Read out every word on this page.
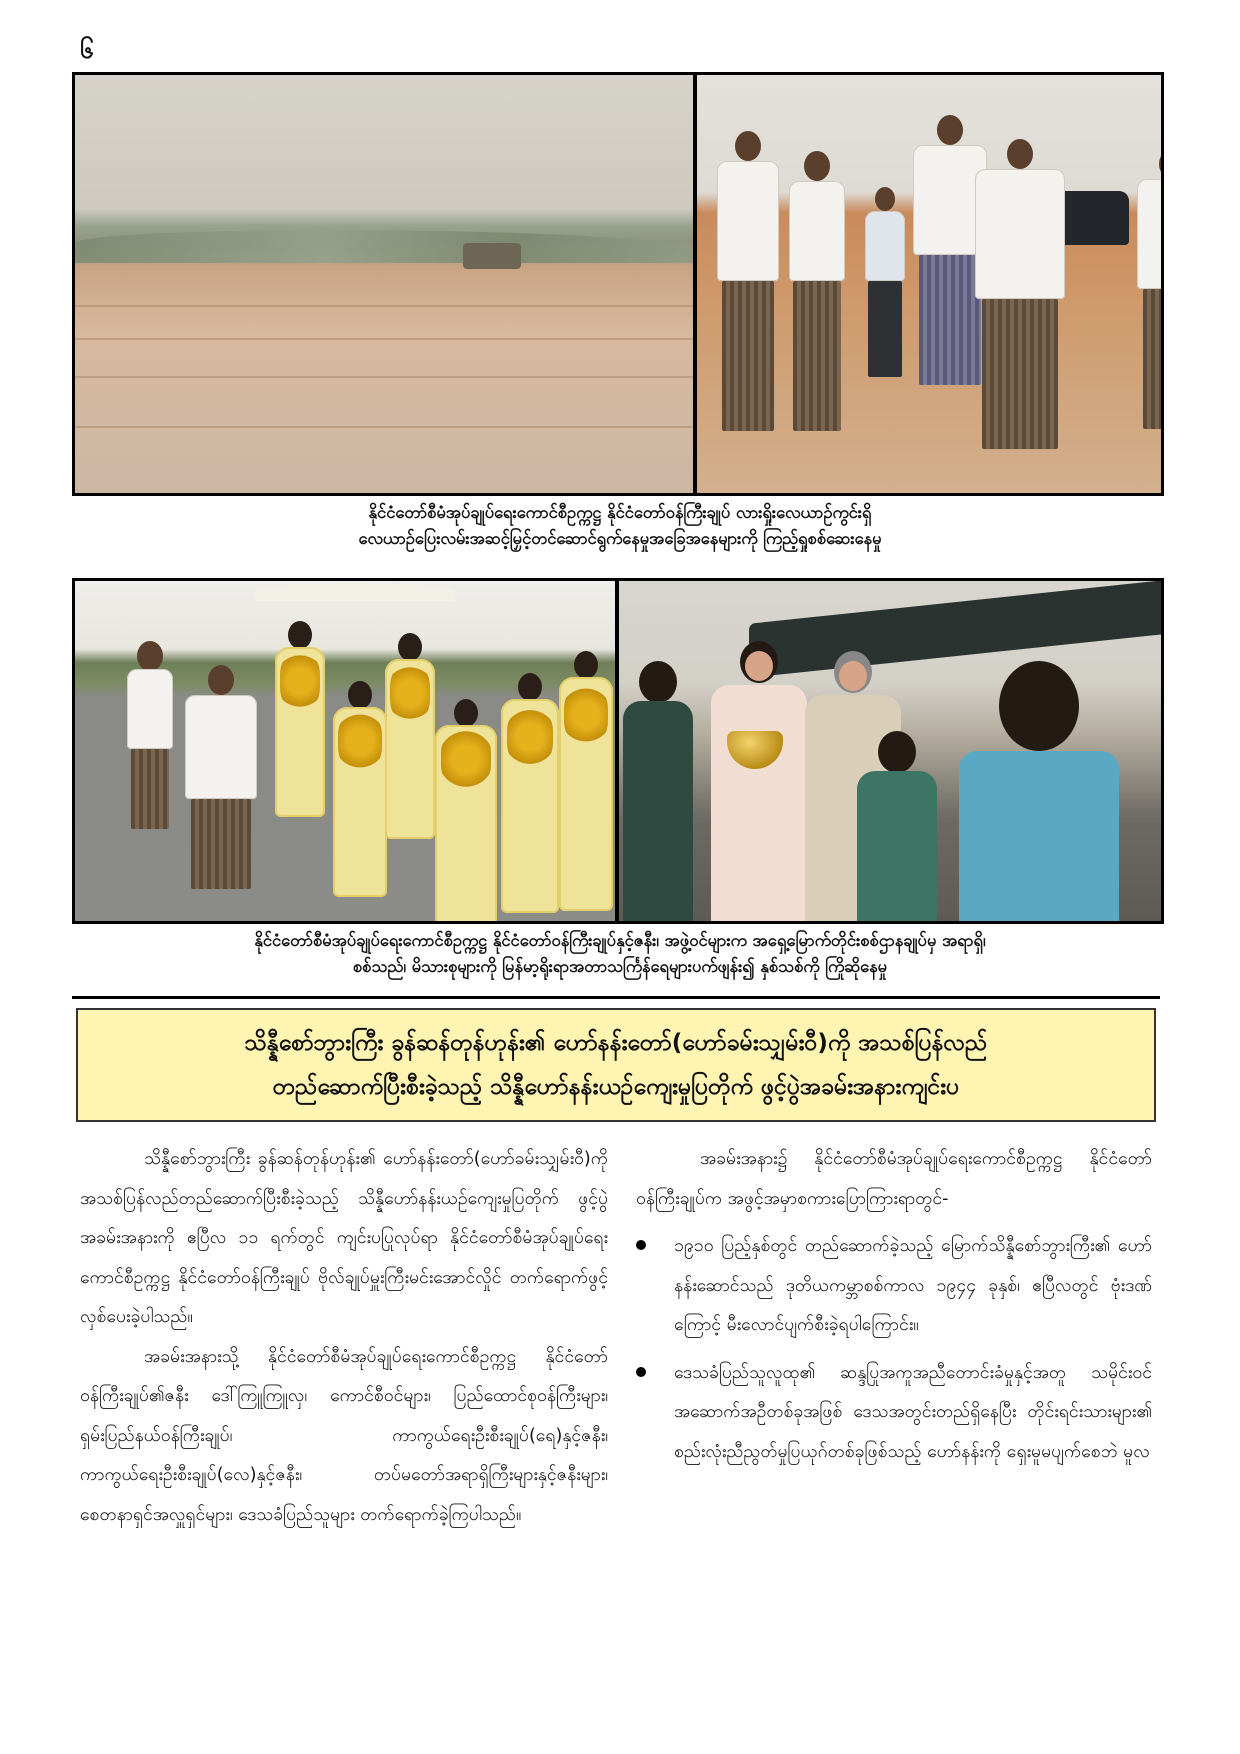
၆
နိုင်ငံတော်စီမံအုပ်ချုပ်ရေးကောင်စီဥက္ကဋ္ဌ နိုင်ငံတော်ဝန်ကြီးချုပ် လားရှိုးလေယာဉ်ကွင်းရှိ
လေယာဉ်ပြေးလမ်းအဆင့်မြှင့်တင်ဆောင်ရွက်နေမှုအခြေအနေများကို ကြည့်ရှုစစ်ဆေးနေမှု
နိုင်ငံတော်စီမံအုပ်ချုပ်ရေးကောင်စီဥက္ကဋ္ဌ နိုင်ငံတော်ဝန်ကြီးချုပ်နှင့်ဇနီး၊ အဖွဲ့ဝင်များက အရှေ့မြောက်တိုင်းစစ်ဌာနချုပ်မှ အရာရှိ၊
စစ်သည်၊ မိသားစုများကို မြန်မာ့ရိုးရာအတာသင်္ကြန်ရေများပက်ဖျန်း၍ နှစ်သစ်ကို ကြိုဆိုနေမှု
သိန္နီစော်ဘွားကြီး ခွန်ဆန်တုန်ဟုန်း၏ ဟော်နန်းတော်(ဟော်ခမ်းသျှမ်းဝီ)ကို အသစ်ပြန်လည်
တည်ဆောက်ပြီးစီးခဲ့သည့် သိန္နီဟော်နန်းယဉ်ကျေးမှုပြတိုက် ဖွင့်ပွဲအခမ်းအနားကျင်းပ

သိန္နီစော်ဘွားကြီး ခွန်ဆန်တုန်ဟုန်း၏ ဟော်နန်းတော်(ဟော်ခမ်းသျှမ်းဝီ)ကို အသစ်ပြန်လည်တည်ဆောက်ပြီးစီးခဲ့သည့် သိန္နီဟော်နန်းယဉ်ကျေးမှုပြတိုက် ဖွင့်ပွဲအခမ်းအနားကို ဧပြီလ ၁၁ ရက်တွင် ကျင်းပပြုလုပ်ရာ နိုင်ငံတော်စီမံအုပ်ချုပ်ရေးကောင်စီဥက္ကဋ္ဌ နိုင်ငံတော်ဝန်ကြီးချုပ် ဗိုလ်ချုပ်မှူးကြီးမင်းအောင်လှိုင် တက်ရောက်ဖွင့်လှစ်ပေးခဲ့ပါသည်။

အခမ်းအနားသို့ နိုင်ငံတော်စီမံအုပ်ချုပ်ရေးကောင်စီဥက္ကဋ္ဌ နိုင်ငံတော်ဝန်ကြီးချုပ်၏ဇနီး ဒေါ်ကြူကြူလှ၊ ကောင်စီဝင်များ၊ ပြည်ထောင်စုဝန်ကြီးများ၊ ရှမ်းပြည်နယ်ဝန်ကြီးချုပ်၊ ကာကွယ်ရေးဦးစီးချုပ်(ရေ)နှင့်ဇနီး၊ ကာကွယ်ရေးဦးစီးချုပ်(လေ)နှင့်ဇနီး၊ တပ်မတော်အရာရှိကြီးများနှင့်ဇနီးများ၊ စေတနာရှင်အလှူရှင်များ၊ ဒေသခံပြည်သူများ တက်ရောက်ခဲ့ကြပါသည်။

အခမ်းအနား၌ နိုင်ငံတော်စီမံအုပ်ချုပ်ရေးကောင်စီဥက္ကဋ္ဌ နိုင်ငံတော်ဝန်ကြီးချုပ်က အဖွင့်အမှာစကားပြောကြားရာတွင်-

၁၉၁၀ ပြည့်နှစ်တွင် တည်ဆောက်ခဲ့သည့် မြောက်သိန္နီစော်ဘွားကြီး၏ ဟော်နန်းဆောင်သည် ဒုတိယကမ္ဘာစစ်ကာလ ၁၉၄၄ ခုနှစ်၊ ဧပြီလတွင် ဗုံးဒဏ်ကြောင့် မီးလောင်ပျက်စီးခဲ့ရပါကြောင်း။
ဒေသခံပြည်သူလူထု၏ ဆန္ဒပြုအကူအညီတောင်းခံမှုနှင့်အတူ သမိုင်းဝင်အဆောက်အဦတစ်ခုအဖြစ် ဒေသအတွင်းတည်ရှိနေပြီး တိုင်းရင်းသားများ၏ စည်းလုံးညီညွတ်မှုပြယုဂ်တစ်ခုဖြစ်သည့် ဟော်နန်းကို ရှေးမူမပျက်စေဘဲ မူလ
